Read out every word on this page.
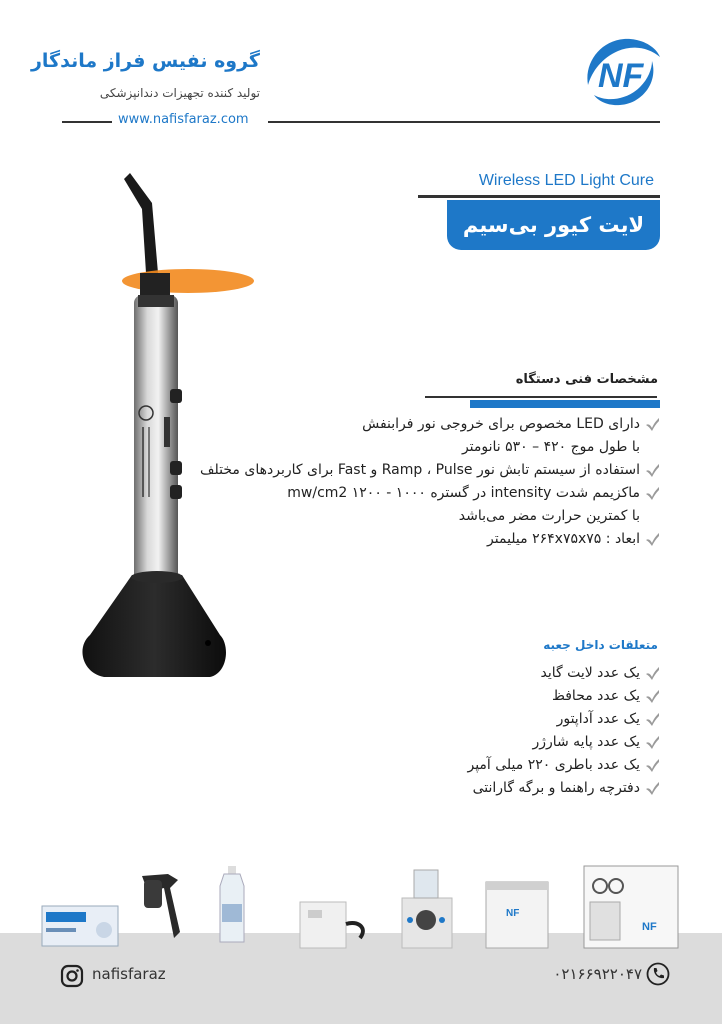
گروه نفیس فراز ماندگار
تولید کننده تجهیزات دندانپزشکی
www.nafisfaraz.com
NF
Wireless LED Light Cure
لایت کیور بی‌سیم
مشخصات فنی دستگاه
دارای LED مخصوص برای خروجی نور فرابنفش
با طول موج ۴۲۰ – ۵۳۰ نانومتر
استفاده از سیستم تابش نور Ramp ، Pulse و Fast برای کاربردهای مختلف
ماکزیمم شدت intensity در گستره ۱۰۰۰ - ۱۲۰۰ mw/cm2
با کمترین حرارت مضر می‌باشد
ابعاد : ۲۶۴x۷۵x۷۵ میلیمتر
متعلقات داخل جعبه
یک عدد لایت گاید
یک عدد محافظ
یک عدد آداپتور
یک عدد پایه شارژر
یک عدد باطری ۲۲۰ میلی آمپر
دفترچه راهنما و برگه گارانتی
NF
NF
nafisfaraz	۰۲۱۶۶۹۲۲۰۴۷
